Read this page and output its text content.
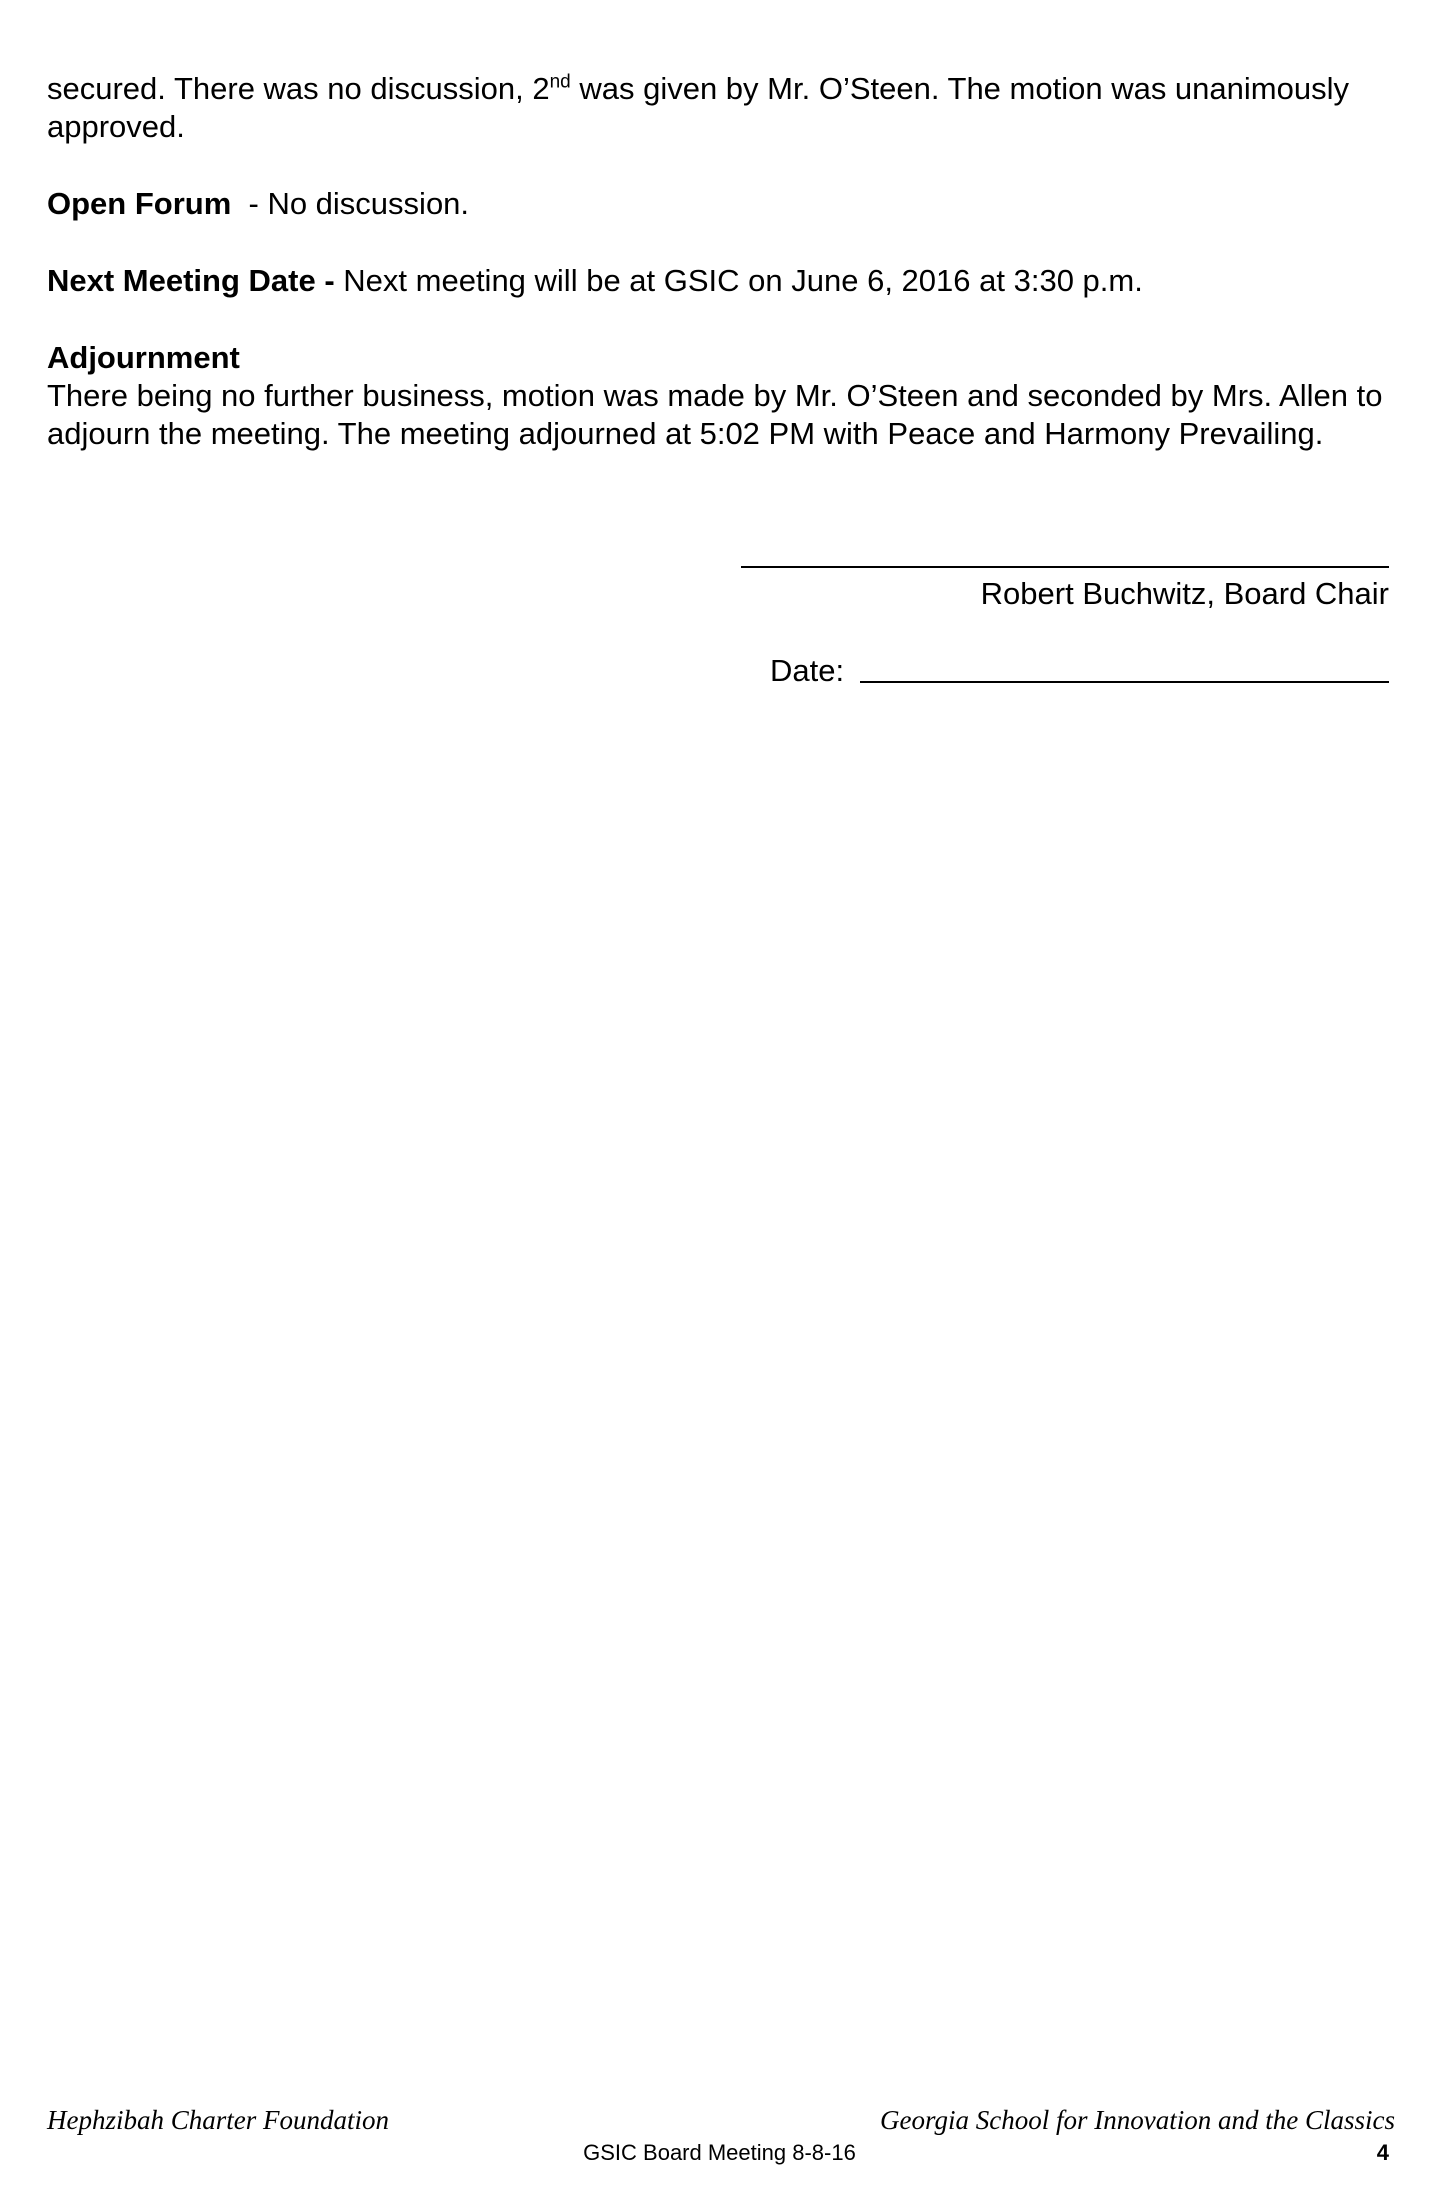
secured. There was no discussion, 2nd was given by Mr. O’Steen. The motion was unanimously approved.

Open Forum  - No discussion.

Next Meeting Date - Next meeting will be at GSIC on June 6, 2016 at 3:30 p.m.

Adjournment

There being no further business, motion was made by Mr. O’Steen and seconded by Mrs. Allen to adjourn the meeting. The meeting adjourned at 5:02 PM with Peace and Harmony Prevailing.

Robert Buchwitz, Board Chair
Date:
Hephzibah Charter Foundation	Georgia School for Innovation and the Classics
GSIC Board Meeting 8-8-16	4
